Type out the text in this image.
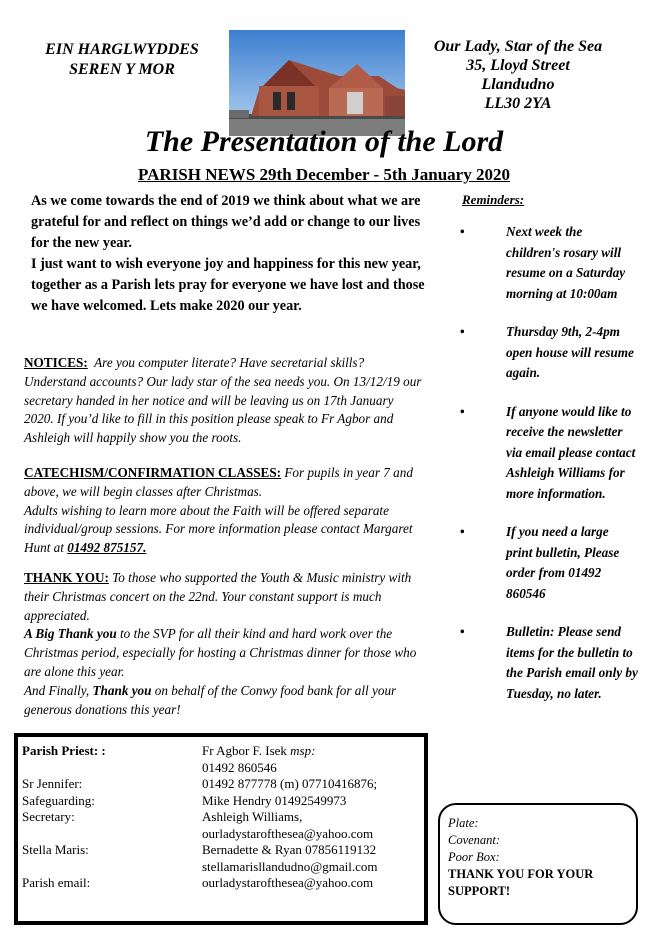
EIN HARGLWYDDES
SEREN Y MOR
Our Lady, Star of the Sea
35, Lloyd Street
Llandudno
LL30 2YA
The Presentation of the Lord
PARISH NEWS 29th December - 5th January 2020

As we come towards the end of 2019 we think about what we are grateful for and reflect on things we’d add or change to our lives for the new year.

I just want to wish everyone joy and happiness for this new year, together as a Parish lets pray for everyone we have lost and those we have welcomed. Lets make 2020 our year.

NOTICES: Are you computer literate? Have secretarial skills? Understand accounts? Our lady star of the sea needs you. On 13/12/19 our secretary handed in her notice and will be leaving us on 17th January 2020. If you’d like to fill in this position please speak to Fr Agbor and Ashleigh will happily show you the roots.

CATECHISM/CONFIRMATION CLASSES: For pupils in year 7 and above, we will begin classes after Christmas.

Adults wishing to learn more about the Faith will be offered separate individual/group sessions. For more information please contact Margaret Hunt at 01492 875157.

THANK YOU: To those who supported the Youth & Music ministry with their Christmas concert on the 22nd. Your constant support is much appreciated.

A Big Thank you to the SVP for all their kind and hard work over the Christmas period, especially for hosting a Christmas dinner for those who are alone this year.

And Finally, Thank you on behalf of the Conwy food bank for all your generous donations this year!

Reminders:
•	Next week the children's rosary will resume on a Saturday morning at 10:00am
•	Thursday 9th, 2-4pm open house will resume again.
•	If anyone would like to receive the newsletter via email please contact Ashleigh Williams for more information.
•	If you need a large print bulletin, Please order from 01492 860546
•	Bulletin: Please send items for the bulletin to the Parish email only by Tuesday, no later.
Parish Priest: :	Fr Agbor F. Isek msp:
	01492 860546
Sr Jennifer:	01492 877778 (m) 07710416876;
Safeguarding:	Mike Hendry 01492549973
Secretary:	Ashleigh Williams,
	ourladystarofthesea@yahoo.com
Stella Maris:	Bernadette & Ryan 07856119132
	stellamarisllandudno@gmail.com
Parish email:	ourladystarofthesea@yahoo.com
Plate:
Covenant:
Poor Box:
THANK YOU FOR YOUR SUPPORT!
